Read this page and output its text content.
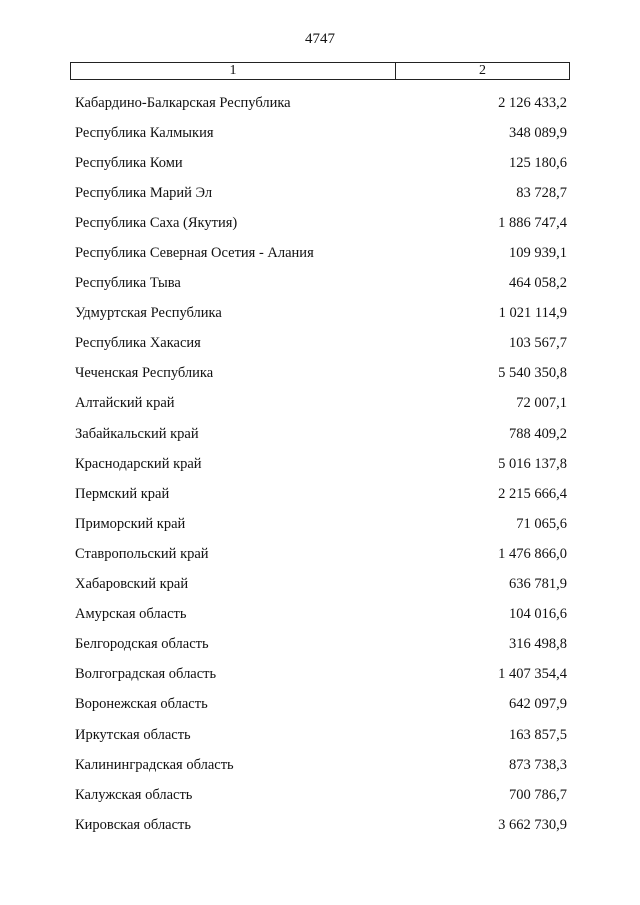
4747
1	2
Кабардино-Балкарская Республика	2 126 433,2
Республика Калмыкия	348 089,9
Республика Коми	125 180,6
Республика Марий Эл	83 728,7
Республика Саха (Якутия)	1 886 747,4
Республика Северная Осетия - Алания	109 939,1
Республика Тыва	464 058,2
Удмуртская Республика	1 021 114,9
Республика Хакасия	103 567,7
Чеченская Республика	5 540 350,8
Алтайский край	72 007,1
Забайкальский край	788 409,2
Краснодарский край	5 016 137,8
Пермский край	2 215 666,4
Приморский край	71 065,6
Ставропольский край	1 476 866,0
Хабаровский край	636 781,9
Амурская область	104 016,6
Белгородская область	316 498,8
Волгоградская область	1 407 354,4
Воронежская область	642 097,9
Иркутская область	163 857,5
Калининградская область	873 738,3
Калужская область	700 786,7
Кировская область	3 662 730,9
